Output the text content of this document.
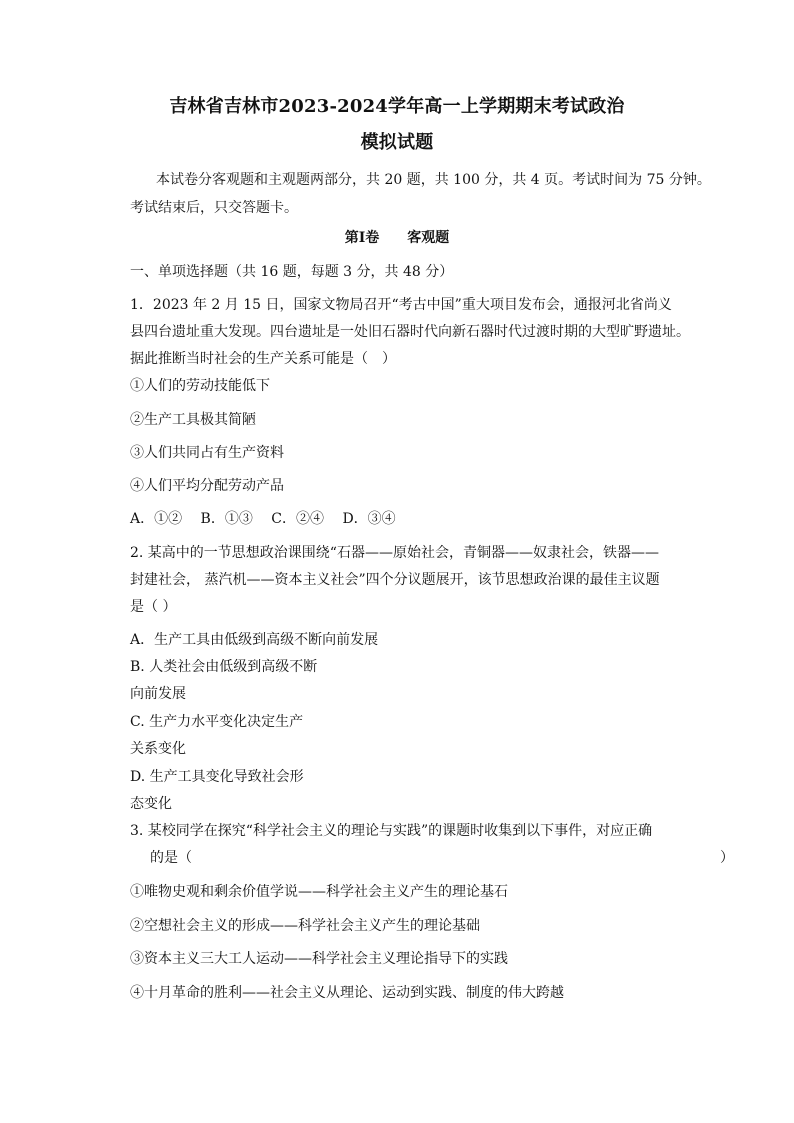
吉林省吉林市2023-2024学年高一上学期期末考试政治
模拟试题
本试卷分客观题和主观题两部分，共 20 题，共 100 分，共 4 页。考试时间为 75 分钟。
考试结束后，只交答题卡。
第Ⅰ卷　　客观题
一、单项选择题（共 16 题，每题 3 分，共 48 分）
1．2023 年 2 月 15 日，国家文物局召开“考古中国”重大项目发布会，通报河北省尚义
县四台遗址重大发现。四台遗址是一处旧石器时代向新石器时代过渡时期的大型旷野遗址。
据此推断当时社会的生产关系可能是（　）
①人们的劳动技能低下
②生产工具极其简陋
③人们共同占有生产资料
④人们平均分配劳动产品
A．①②　 B．①③　 C．②④　 D．③④
2. 某高中的一节思想政治课围绕“石器——原始社会，青铜器——奴隶社会，铁器——
封建社会， 蒸汽机——资本主义社会”四个分议题展开，该节思想政治课的最佳主议题
是（ ）
A．生产工具由低级到高级不断向前发展
B. 人类社会由低级到高级不断
向前发展
C. 生产力水平变化决定生产
关系变化
D. 生产工具变化导致社会形
态变化
3. 某校同学在探究“科学社会主义的理论与实践”的课题时收集到以下事件，对应正确
的是（	）
①唯物史观和剩余价值学说——科学社会主义产生的理论基石
②空想社会主义的形成——科学社会主义产生的理论基础
③资本主义三大工人运动——科学社会主义理论指导下的实践
④十月革命的胜利——社会主义从理论、运动到实践、制度的伟大跨越
